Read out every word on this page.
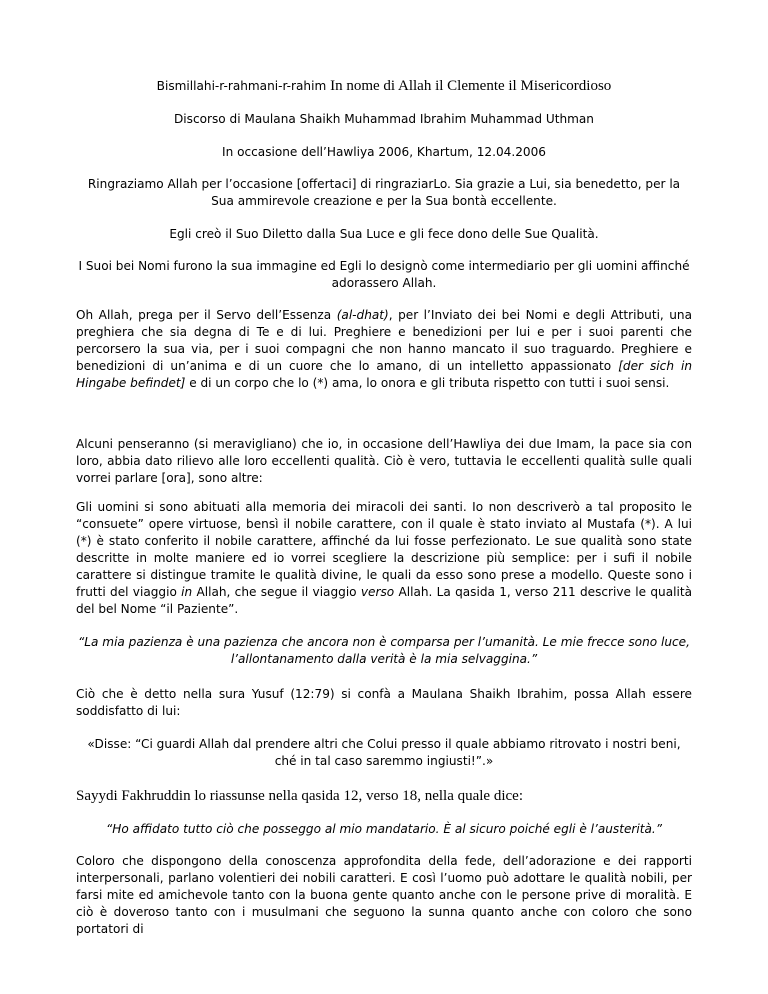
Bismillahi-r-rahmani-r-rahim In nome di Allah il Clemente il Misericordioso

Discorso di Maulana Shaikh Muhammad Ibrahim Muhammad Uthman

In occasione dell’Hawliya 2006, Khartum, 12.04.2006

Ringraziamo Allah per l’occasione [offertaci] di ringraziarLo. Sia grazie a Lui, sia benedetto, per la Sua ammirevole creazione e per la Sua bontà eccellente.

Egli creò il Suo Diletto dalla Sua Luce e gli fece dono delle Sue Qualità.

I Suoi bei Nomi furono la sua immagine ed Egli lo designò come intermediario per gli uomini affinché adorassero Allah.

Oh Allah, prega per il Servo dell’Essenza (al-dhat), per l’Inviato dei bei Nomi e degli Attributi, una preghiera che sia degna di Te e di lui. Preghiere e benedizioni per lui e per i suoi parenti che percorsero la sua via, per i suoi compagni che non hanno mancato il suo traguardo. Preghiere e benedizioni di un’anima e di un cuore che lo amano, di un intelletto appassionato [der sich in Hingabe befindet] e di un corpo che lo (*) ama, lo onora e gli tributa rispetto con tutti i suoi sensi.

Alcuni penseranno (si meravigliano) che io, in occasione dell’Hawliya dei due Imam, la pace sia con loro, abbia dato rilievo alle loro eccellenti qualità. Ciò è vero, tuttavia le eccellenti qualità sulle quali vorrei parlare [ora], sono altre:

Gli uomini si sono abituati alla memoria dei miracoli dei santi. Io non descriverò a tal proposito le “consuete” opere virtuose, bensì il nobile carattere, con il quale è stato inviato al Mustafa (*). A lui (*) è stato conferito il nobile carattere, affinché da lui fosse perfezionato. Le sue qualità sono state descritte in molte maniere ed io vorrei scegliere la descrizione più semplice: per i sufi il nobile carattere si distingue tramite le qualità divine, le quali da esso sono prese a modello. Queste sono i frutti del viaggio in Allah, che segue il viaggio verso Allah. La qasida 1, verso 211 descrive le qualità del bel Nome “il Paziente”.

“La mia pazienza è una pazienza che ancora non è comparsa per l’umanità. Le mie frecce sono luce, l’allontanamento dalla verità è la mia selvaggina.”

Ciò che è detto nella sura Yusuf (12:79) si confà a Maulana Shaikh Ibrahim, possa Allah essere soddisfatto di lui:

«Disse: “Ci guardi Allah dal prendere altri che Colui presso il quale abbiamo ritrovato i nostri beni, ché in tal caso saremmo ingiusti!”.»

Sayydi Fakhruddin lo riassunse nella qasida 12, verso 18, nella quale dice:

“Ho affidato tutto ciò che posseggo al mio mandatario. È al sicuro poiché egli è l’austerità.”

Coloro che dispongono della conoscenza approfondita della fede, dell’adorazione e dei rapporti interpersonali, parlano volentieri dei nobili caratteri. E così l’uomo può adottare le qualità nobili, per farsi mite ed amichevole tanto con la buona gente quanto anche con le persone prive di moralità. E ciò è doveroso tanto con i musulmani che seguono la sunna quanto anche con coloro che sono portatori di
